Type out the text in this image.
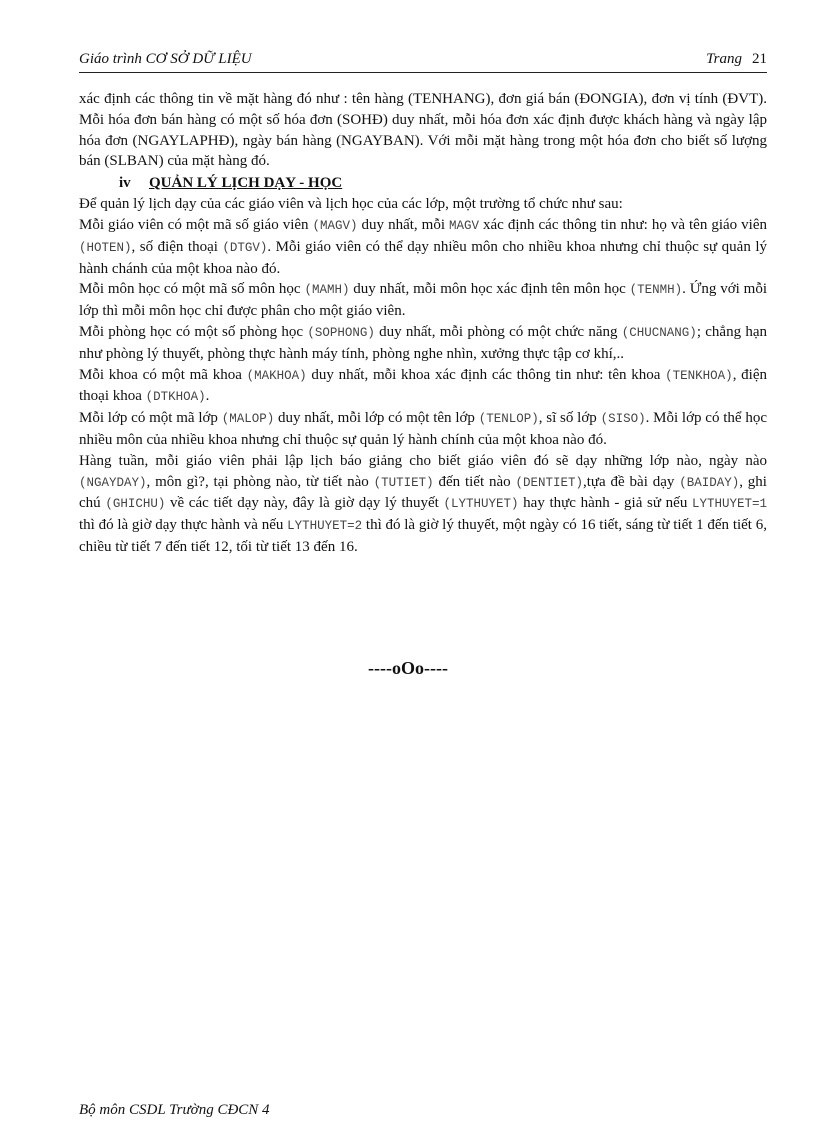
Giáo trình CƠ SỞ DỮ LIỆU	Trang 21

xác định các thông tin về mặt hàng đó như : tên hàng (TENHANG), đơn giá bán (ĐONGIA), đơn vị tính (ĐVT). Mỗi hóa đơn bán hàng có một số hóa đơn (SOHĐ) duy nhất, mỗi hóa đơn xác định được khách hàng và ngày lập hóa đơn (NGAYLAPHĐ), ngày bán hàng (NGAYBAN). Với mỗi mặt hàng trong một hóa đơn cho biết số lượng bán (SLBAN) của mặt hàng đó.

iv QUẢN LÝ LỊCH DẠY - HỌC

Để quản lý lịch dạy của các giáo viên và lịch học của các lớp, một trường tổ chức như sau:

Mỗi giáo viên có một mã số giáo viên (MAGV) duy nhất, mỗi MAGV xác định các thông tin như: họ và tên giáo viên (HOTEN), số điện thoại (DTGV). Mỗi giáo viên có thể dạy nhiều môn cho nhiều khoa nhưng chỉ thuộc sự quản lý hành chánh của một khoa nào đó.

Mỗi môn học có một mã số môn học (MAMH) duy nhất, mỗi môn học xác định tên môn học (TENMH). Ứng với mỗi lớp thì mỗi môn học chỉ được phân cho một giáo viên.

Mỗi phòng học có một số phòng học (SOPHONG) duy nhất, mỗi phòng có một chức năng (CHUCNANG); chẳng hạn như phòng lý thuyết, phòng thực hành máy tính, phòng nghe nhìn, xưởng thực tập cơ khí,..

Mỗi khoa có một mã khoa (MAKHOA) duy nhất, mỗi khoa xác định các thông tin như: tên khoa (TENKHOA), điện thoại khoa (DTKHOA).

Mỗi lớp có một mã lớp (MALOP) duy nhất, mỗi lớp có một tên lớp (TENLOP), sĩ số lớp (SISO). Mỗi lớp có thể học nhiều môn của nhiều khoa nhưng chỉ thuộc sự quản lý hành chính của một khoa nào đó.

Hàng tuần, mỗi giáo viên phải lập lịch báo giảng cho biết giáo viên đó sẽ dạy những lớp nào, ngày nào (NGAYDAY), môn gì?, tại phòng nào, từ tiết nào (TUTIET) đến tiết nào (DENTIET),tựa đề bài dạy (BAIDAY), ghi chú (GHICHU) về các tiết dạy này, đây là giờ dạy lý thuyết (LYTHUYET) hay thực hành - giả sử nếu LYTHUYET=1 thì đó là giờ dạy thực hành và nếu LYTHUYET=2 thì đó là giờ lý thuyết, một ngày có 16 tiết, sáng từ tiết 1 đến tiết 6, chiều từ tiết 7 đến tiết 12, tối từ tiết 13 đến 16.

----oOo----
Bộ môn CSDL Trường CĐCN 4
